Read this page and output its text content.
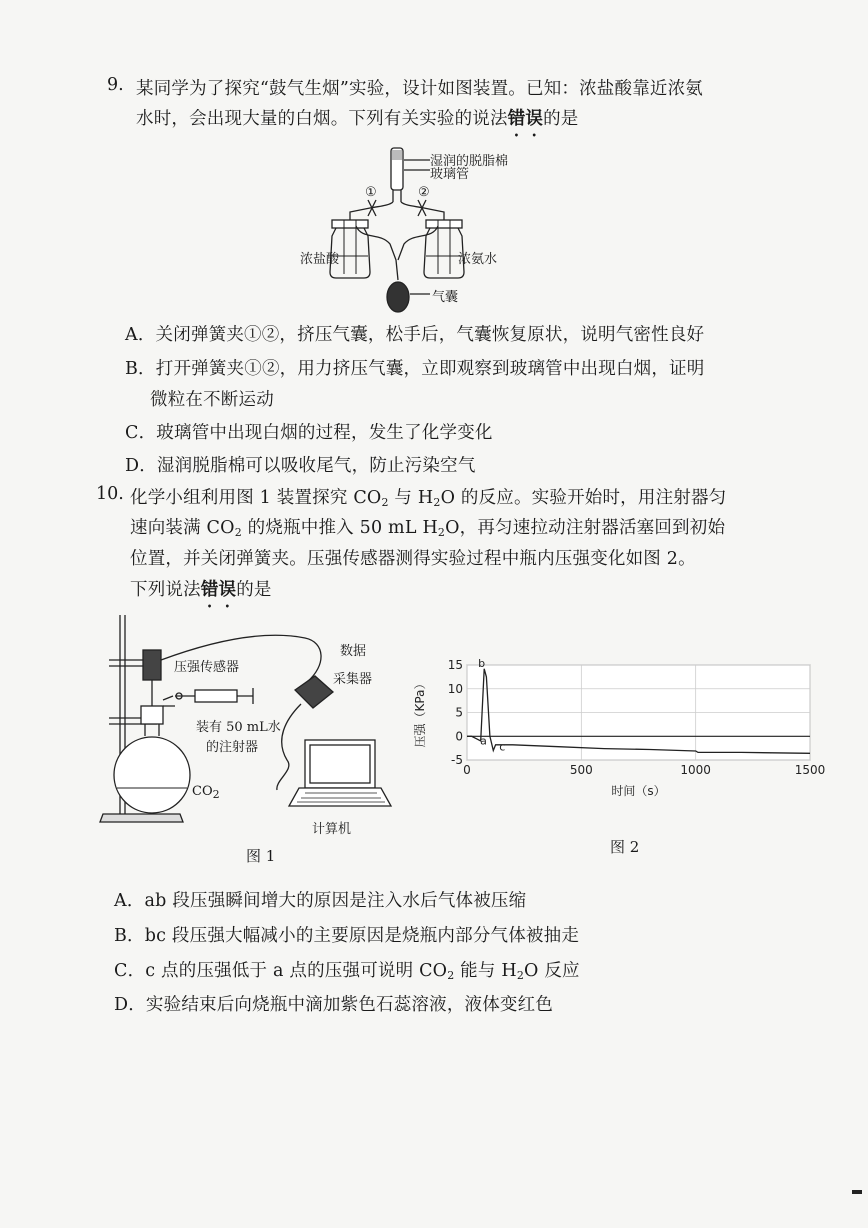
9. 某同学为了探究“鼓气生烟”实验，设计如图装置。已知：浓盐酸靠近浓氨
水时，会出现大量的白烟。下列有关实验的说法错误的是
湿润的脱脂棉
玻璃管
①	②
浓盐酸	浓氨水
气囊
A．关闭弹簧夹①②，挤压气囊，松手后，气囊恢复原状，说明气密性良好
B．打开弹簧夹①②，用力挤压气囊，立即观察到玻璃管中出现白烟，证明
微粒在不断运动
C．玻璃管中出现白烟的过程，发生了化学变化
D．湿润脱脂棉可以吸收尾气，防止污染空气
10. 化学小组利用图 1 装置探究 $CO_2$ 与 $H_2O$ 的反应。实验开始时，用注射器匀
速向装满 $CO_2$ 的烧瓶中推入 50 mL $H_2O$，再匀速拉动注射器活塞回到初始
位置，并关闭弹簧夹。压强传感器测得实验过程中瓶内压强变化如图 2。
下列说法错误的是
压强传感器
数据
采集器
装有 50 mL水
的注射器
$CO_2$
计算机
图 1
0	500	1000	1500
15
10
5
0
-5
时间（s）
压强（KPa）	a
b
c
图 2
A．ab 段压强瞬间增大的原因是注入水后气体被压缩
B．bc 段压强大幅减小的主要原因是烧瓶内部分气体被抽走
C．c 点的压强低于 a 点的压强可说明 $CO_2$ 能与 $H_2O$ 反应
D．实验结束后向烧瓶中滴加紫色石蕊溶液，液体变红色
